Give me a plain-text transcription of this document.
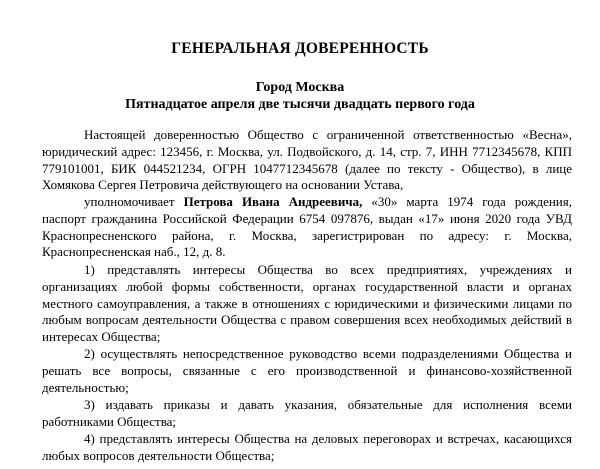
ГЕНЕРАЛЬНАЯ ДОВЕРЕННОСТЬ
Город Москва
Пятнадцатое апреля две тысячи двадцать первого года
Настоящей доверенностью Общество с ограниченной ответственностью «Весна», юридический адрес: 123456, г. Москва, ул. Подвойского, д. 14, стр. 7, ИНН 7712345678, КПП 779101001, БИК 044521234, ОГРН 1047712345678 (далее по тексту - Общество), в лице Хомякова Сергея Петровича действующего на основании Устава,
уполномочивает Петрова Ивана Андреевича, «30» марта 1974 года рождения, паспорт гражданина Российской Федерации 6754 097876, выдан «17» июня 2020 года УВД Краснопресненского района, г. Москва, зарегистрирован по адресу: г. Москва, Краснопресненская наб., 12, д. 8.
1) представлять интересы Общества во всех предприятиях, учреждениях и организациях любой формы собственности, органах государственной власти и органах местного самоуправления, а также в отношениях с юридическими и физическими лицами по любым вопросам деятельности Общества с правом совершения всех необходимых действий в интересах Общества;
2) осуществлять непосредственное руководство всеми подразделениями Общества и решать все вопросы, связанные с его производственной и финансово-хозяйственной деятельностью;
3) издавать приказы и давать указания, обязательные для исполнения всеми работниками Общества;
4) представлять интересы Общества на деловых переговорах и встречах, касающихся любых вопросов деятельности Общества;
